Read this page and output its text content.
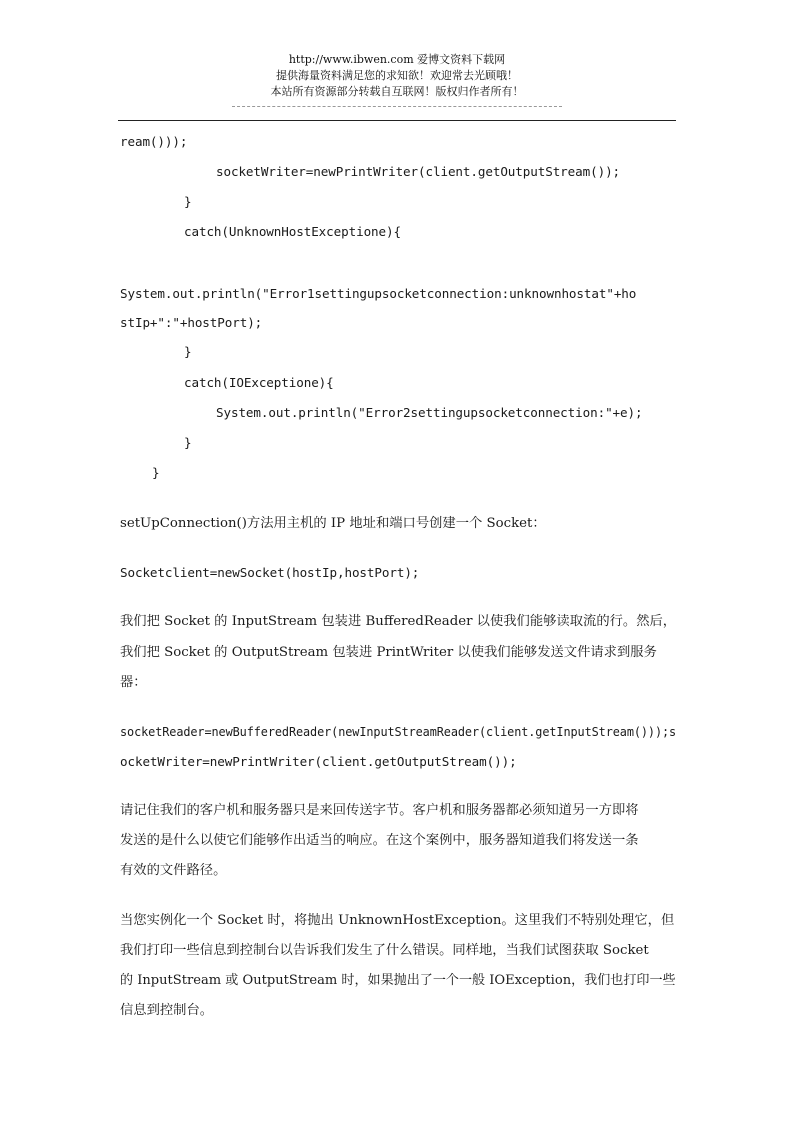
http://www.ibwen.com 爱博文资料下载网
提供海量资料满足您的求知欲！欢迎常去光顾哦！
本站所有资源部分转载自互联网！版权归作者所有！
ream()));
socketWriter=newPrintWriter(client.getOutputStream());
}
catch(UnknownHostExceptione){
System.out.println("Error1settingupsocketconnection:unknownhostat"+ho
stIp+":"+hostPort);
}
catch(IOExceptione){
System.out.println("Error2settingupsocketconnection:"+e);
}
}
setUpConnection()方法用主机的 IP 地址和端口号创建一个 Socket：
Socketclient=newSocket(hostIp,hostPort);
我们把 Socket 的 InputStream 包装进 BufferedReader 以使我们能够读取流的行。然后，
我们把 Socket 的 OutputStream 包装进 PrintWriter 以使我们能够发送文件请求到服务
器：
socketReader=newBufferedReader(newInputStreamReader(client.getInputStream()));s
ocketWriter=newPrintWriter(client.getOutputStream());
请记住我们的客户机和服务器只是来回传送字节。客户机和服务器都必须知道另一方即将
发送的是什么以使它们能够作出适当的响应。在这个案例中，服务器知道我们将发送一条
有效的文件路径。
当您实例化一个 Socket 时，将抛出 UnknownHostException。这里我们不特别处理它，但
我们打印一些信息到控制台以告诉我们发生了什么错误。同样地，当我们试图获取 Socket
的 InputStream 或 OutputStream 时，如果抛出了一个一般 IOException，我们也打印一些
信息到控制台。
